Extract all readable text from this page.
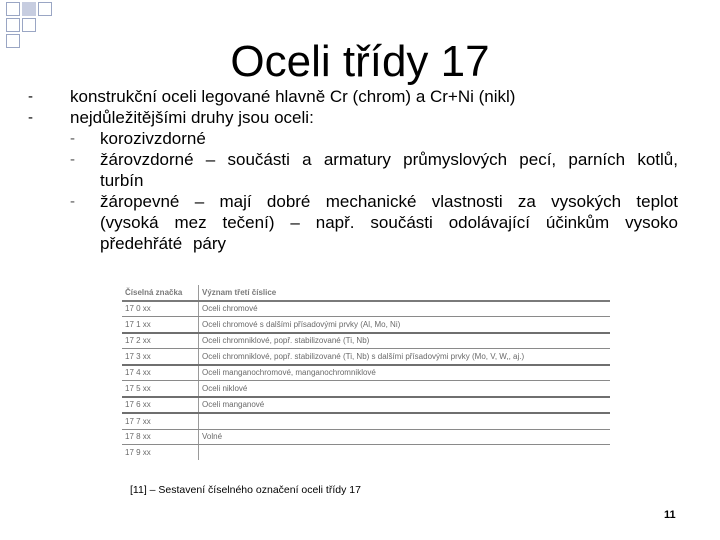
Oceli třídy 17
-	konstrukční oceli legované hlavně Cr (chrom) a Cr+Ni (nikl)
-	nejdůležitějšími druhy jsou oceli:
-	korozivzdorné
-	žárovzdorné – součásti a armatury průmyslových pecí, parních kotlů, turbín
-	žáropevné – mají dobré mechanické vlastnosti za vysokých teplot (vysoká mez tečení) – např. součásti odolávající účinkům vysoko předehřáté páry
Číselná značka	Význam třetí číslice
17 0 xx	Oceli chromové
17 1 xx	Oceli chromové s dalšími přísadovými prvky (Al, Mo, Ni)
17 2 xx	Oceli chromniklové, popř. stabilizované (Ti, Nb)
17 3 xx	Oceli chromniklové, popř. stabilizované (Ti, Nb) s dalšími přísadovými prvky (Mo, V, W,, aj.)
17 4 xx	Oceli manganochromové, manganochromniklové
17 5 xx	Oceli niklové
17 6 xx	Oceli manganové
17 7 xx	
17 8 xx	Volné
17 9 xx	
[11] – Sestavení číselného označení oceli třídy 17
11
